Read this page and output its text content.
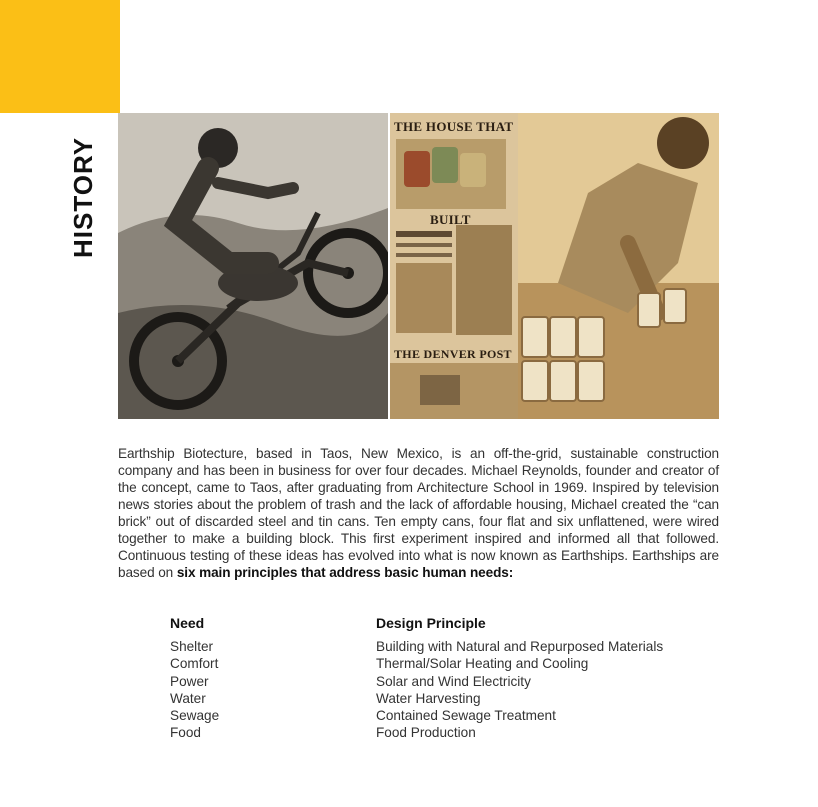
HISTORY
THE HOUSE THAT
BUILT
THE DENVER POST
Earthship Biotecture, based in Taos, New Mexico, is an off-the-grid, sustainable construction company and has been in business for over four decades. Michael Reynolds, founder and creator of the concept, came to Taos, after graduating from Architecture School in 1969. Inspired by television news stories about the problem of trash and the lack of affordable housing, Michael created the “can brick” out of discarded steel and tin cans. Ten empty cans, four flat and six unflattened, were wired together to make a building block. This first experiment inspired and informed all that followed. Continuous testing of these ideas has evolved into what is now known as Earthships. Earthships are based on six main principles that address basic human needs:
Need	Design Principle
Shelter	Building with Natural and Repurposed Materials
Comfort	Thermal/Solar Heating and Cooling
Power	Solar and Wind Electricity
Water	Water Harvesting
Sewage	Contained Sewage Treatment
Food	Food Production
